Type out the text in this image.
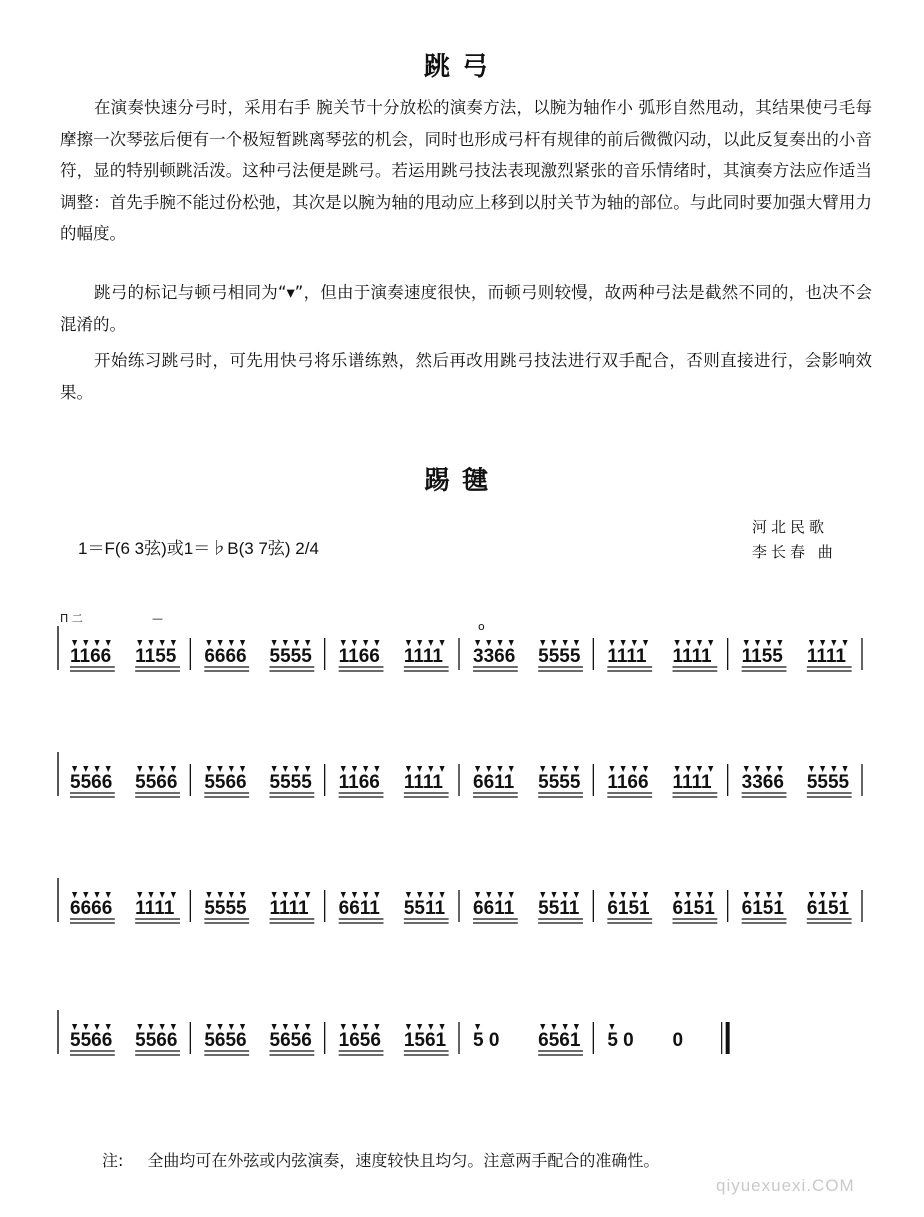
跳弓
在演奏快速分弓时，采用右手 腕关节十分放松的演奏方法，以腕为轴作小 弧形自然甩动，其结果使弓毛每摩擦一次琴弦后便有一个极短暂跳离琴弦的机会，同时也形成弓杆有规律的前后微微闪动，以此反复奏出的小音符，显的特别顿跳活泼。这种弓法便是跳弓。若运用跳弓技法表现激烈紧张的音乐情绪时，其演奏方法应作适当调整：首先手腕不能过份松弛，其次是以腕为轴的甩动应上移到以肘关节为轴的部位。与此同时要加强大臂用力的幅度。
跳弓的标记与顿弓相同为“▾”，但由于演奏速度很快，而顿弓则较慢，故两种弓法是截然不同的，也决不会混淆的。
开始练习跳弓时，可先用快弓将乐谱练熟，然后再改用跳弓技法进行双手配合，否则直接进行，会影响效果。
踢毽
1＝F(6 3弦)或1＝♭B(3 7弦) 2/4
河北民歌
李长春 曲
1166 1155 6666 5555 1166 1111 3366 5555 1111 1111 1155 1111
5566 5566 5566 5555 1166 1111 6611 5555 1166 1111 3366 5555
6666 1111 5555 1111 6611 5511 6611 5511 6151 6151 6151 6151
5566 5566 5656 5656 1656 1561 5 0 6561 5 0 0
П 二	—
o
注: 全曲均可在外弦或内弦演奏，速度较快且均匀。注意两手配合的准确性。
qiyuexuexi.COM
